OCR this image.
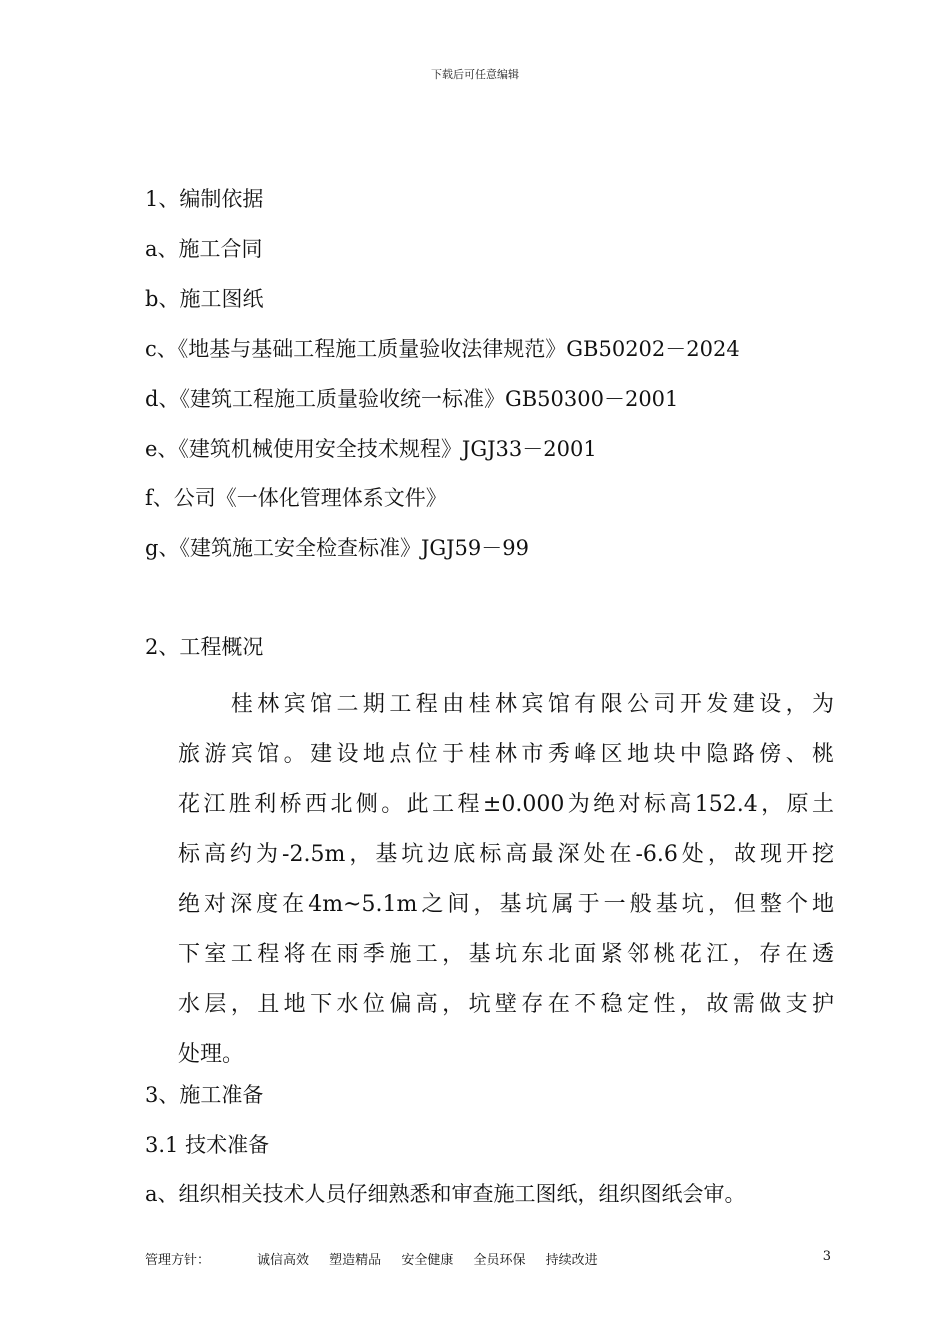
下载后可任意编辑
1、编制依据
a、施工合同
b、施工图纸
c、《地基与基础工程施工质量验收法律规范》GB50202－2024
d、《建筑工程施工质量验收统一标准》GB50300－2001
e、《建筑机械使用安全技术规程》JGJ33－2001
f、公司《一体化管理体系文件》
g、《建筑施工安全检查标准》JGJ59－99
2、工程概况
　　桂林宾馆二期工程由桂林宾馆有限公司开发建设，为
旅游宾馆。建设地点位于桂林市秀峰区地块中隐路傍、桃
花江胜利桥西北侧。此工程±0.000为绝对标高152.4，原土
标高约为-2.5m，基坑边底标高最深处在-6.6处，故现开挖
绝对深度在4m~5.1m之间，基坑属于一般基坑，但整个地
下室工程将在雨季施工，基坑东北面紧邻桃花江，存在透
水层，且地下水位偏高，坑壁存在不稳定性，故需做支护
处理。
3、施工准备
3.1 技术准备
a、组织相关技术人员仔细熟悉和审查施工图纸，组织图纸会审。
管理方针：	诚信高效 塑造精品 安全健康 全员环保 持续改进	3
